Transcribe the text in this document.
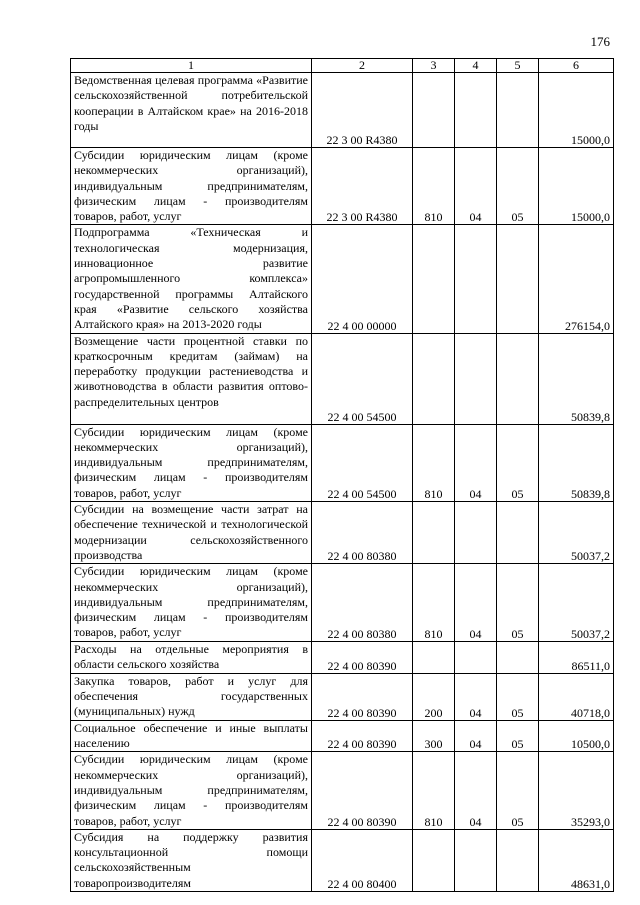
176
1	2	3	4	5	6
Ведомственная целевая программа «Развитие сельскохозяйственной потребительской кооперации в Алтайском крае» на 2016-2018 годы	22 3 00 R4380				15000,0
Субсидии юридическим лицам (кроме некоммерческих организаций), индивидуальным предпринимателям, физическим лицам - производителям товаров, работ, услуг	22 3 00 R4380	810	04	05	15000,0
Подпрограмма «Техническая и технологическая модернизация, инновационное развитие агропромышленного комплекса» государственной программы Алтайского края «Развитие сельского хозяйства Алтайского края» на 2013-2020 годы	22 4 00 00000				276154,0
Возмещение части процентной ставки по краткосрочным кредитам (займам) на переработку продукции растениеводства и животноводства в области развития оптово-распределительных центров	22 4 00 54500				50839,8
Субсидии юридическим лицам (кроме некоммерческих организаций), индивидуальным предпринимателям, физическим лицам - производителям товаров, работ, услуг	22 4 00 54500	810	04	05	50839,8
Субсидии на возмещение части затрат на обеспечение технической и технологической модернизации сельскохозяйственного производства	22 4 00 80380				50037,2
Субсидии юридическим лицам (кроме некоммерческих организаций), индивидуальным предпринимателям, физическим лицам - производителям товаров, работ, услуг	22 4 00 80380	810	04	05	50037,2
Расходы на отдельные мероприятия в области сельского хозяйства	22 4 00 80390				86511,0
Закупка товаров, работ и услуг для обеспечения государственных (муниципальных) нужд	22 4 00 80390	200	04	05	40718,0
Социальное обеспечение и иные выплаты населению	22 4 00 80390	300	04	05	10500,0
Субсидии юридическим лицам (кроме некоммерческих организаций), индивидуальным предпринимателям, физическим лицам - производителям товаров, работ, услуг	22 4 00 80390	810	04	05	35293,0
Субсидия на поддержку развития консультационной помощи сельскохозяйственным товаропроизводителям	22 4 00 80400				48631,0
